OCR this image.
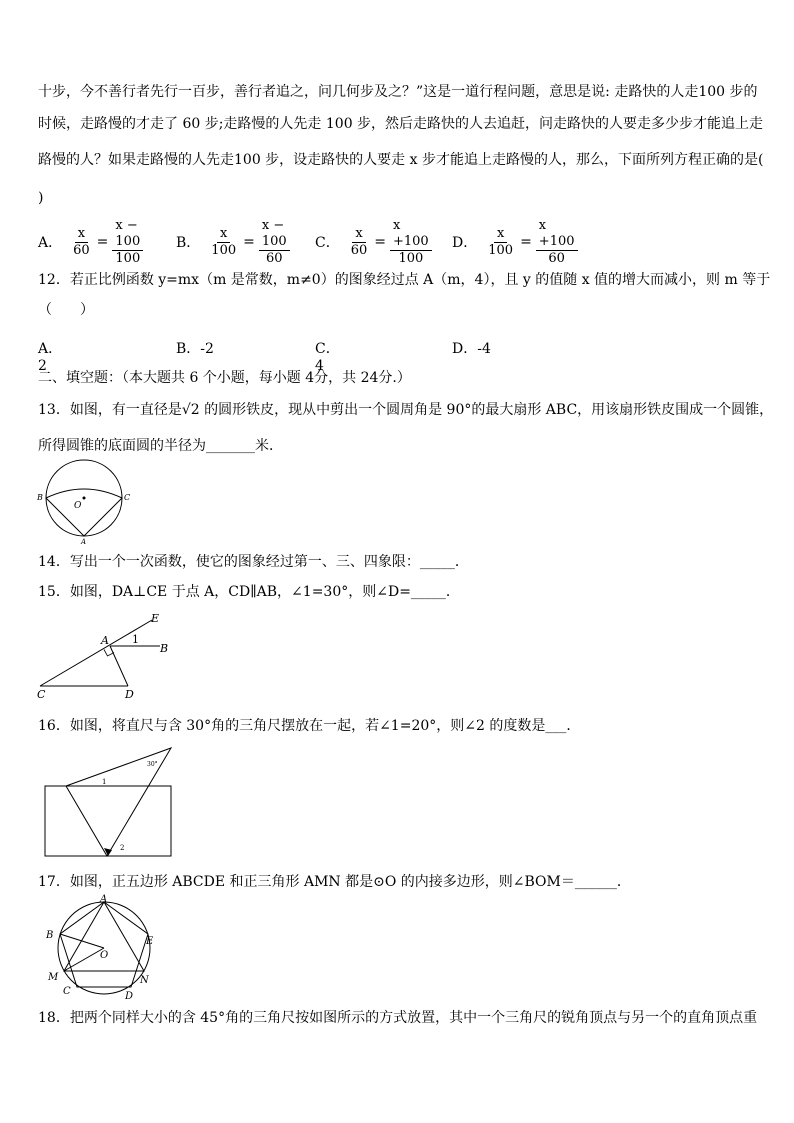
十步，今不善行者先行一百步，善行者追之，问几何步及之？”这是一道行程问题，意思是说: 走路快的人走100 步的
时候，走路慢的才走了 60 步;走路慢的人先走 100 步，然后走路快的人去追赶，问走路快的人要走多少步才能追上走
路慢的人？如果走路慢的人先走100 步，设走路快的人要走 x 步才能追上走路慢的人，那么，下面所列方程正确的是(
)
A． $\frac{x}{60} = \frac{x - 100}{100}$ B． $\frac{x}{100} = \frac{x - 100}{60}$ C． $\frac{x}{60} = \frac{x +100}{100}$ D． $\frac{x}{100} = \frac{x +100}{60}$
12．若正比例函数 y=mx（m 是常数，m≠0）的图象经过点 A（m，4），且 y 的值随 x 值的增大而减小，则 m 等于
（　　）
A．2
B．-2	C．4
D．-4
二、填空题：（本大题共 6 个小题，每小题 4分，共 24分.）
13．如图，有一直径是√2 的圆形铁皮，现从中剪出一个圆周角是 90°的最大扇形 ABC，用该扇形铁皮围成一个圆锥，
所得圆锥的底面圆的半径为_______米．
B	C
O
A
14．写出一个一次函数，使它的图象经过第一、三、四象限：_____．
15．如图，DA⊥CE 于点 A，CD∥AB，∠1=30°，则∠D=_____．
E
A 1
B
C	D
16．如图，将直尺与含 30°角的三角尺摆放在一起，若∠1=20°，则∠2 的度数是___．
30°
1
2
17．如图，正五边形 ABCDE 和正三角形 AMN 都是⊙O 的内接多边形，则∠BOM＝______．
A
B
E
O
M	N
C	D
18．把两个同样大小的含 45°角的三角尺按如图所示的方式放置，其中一个三角尺的锐角顶点与另一个的直角顶点重
